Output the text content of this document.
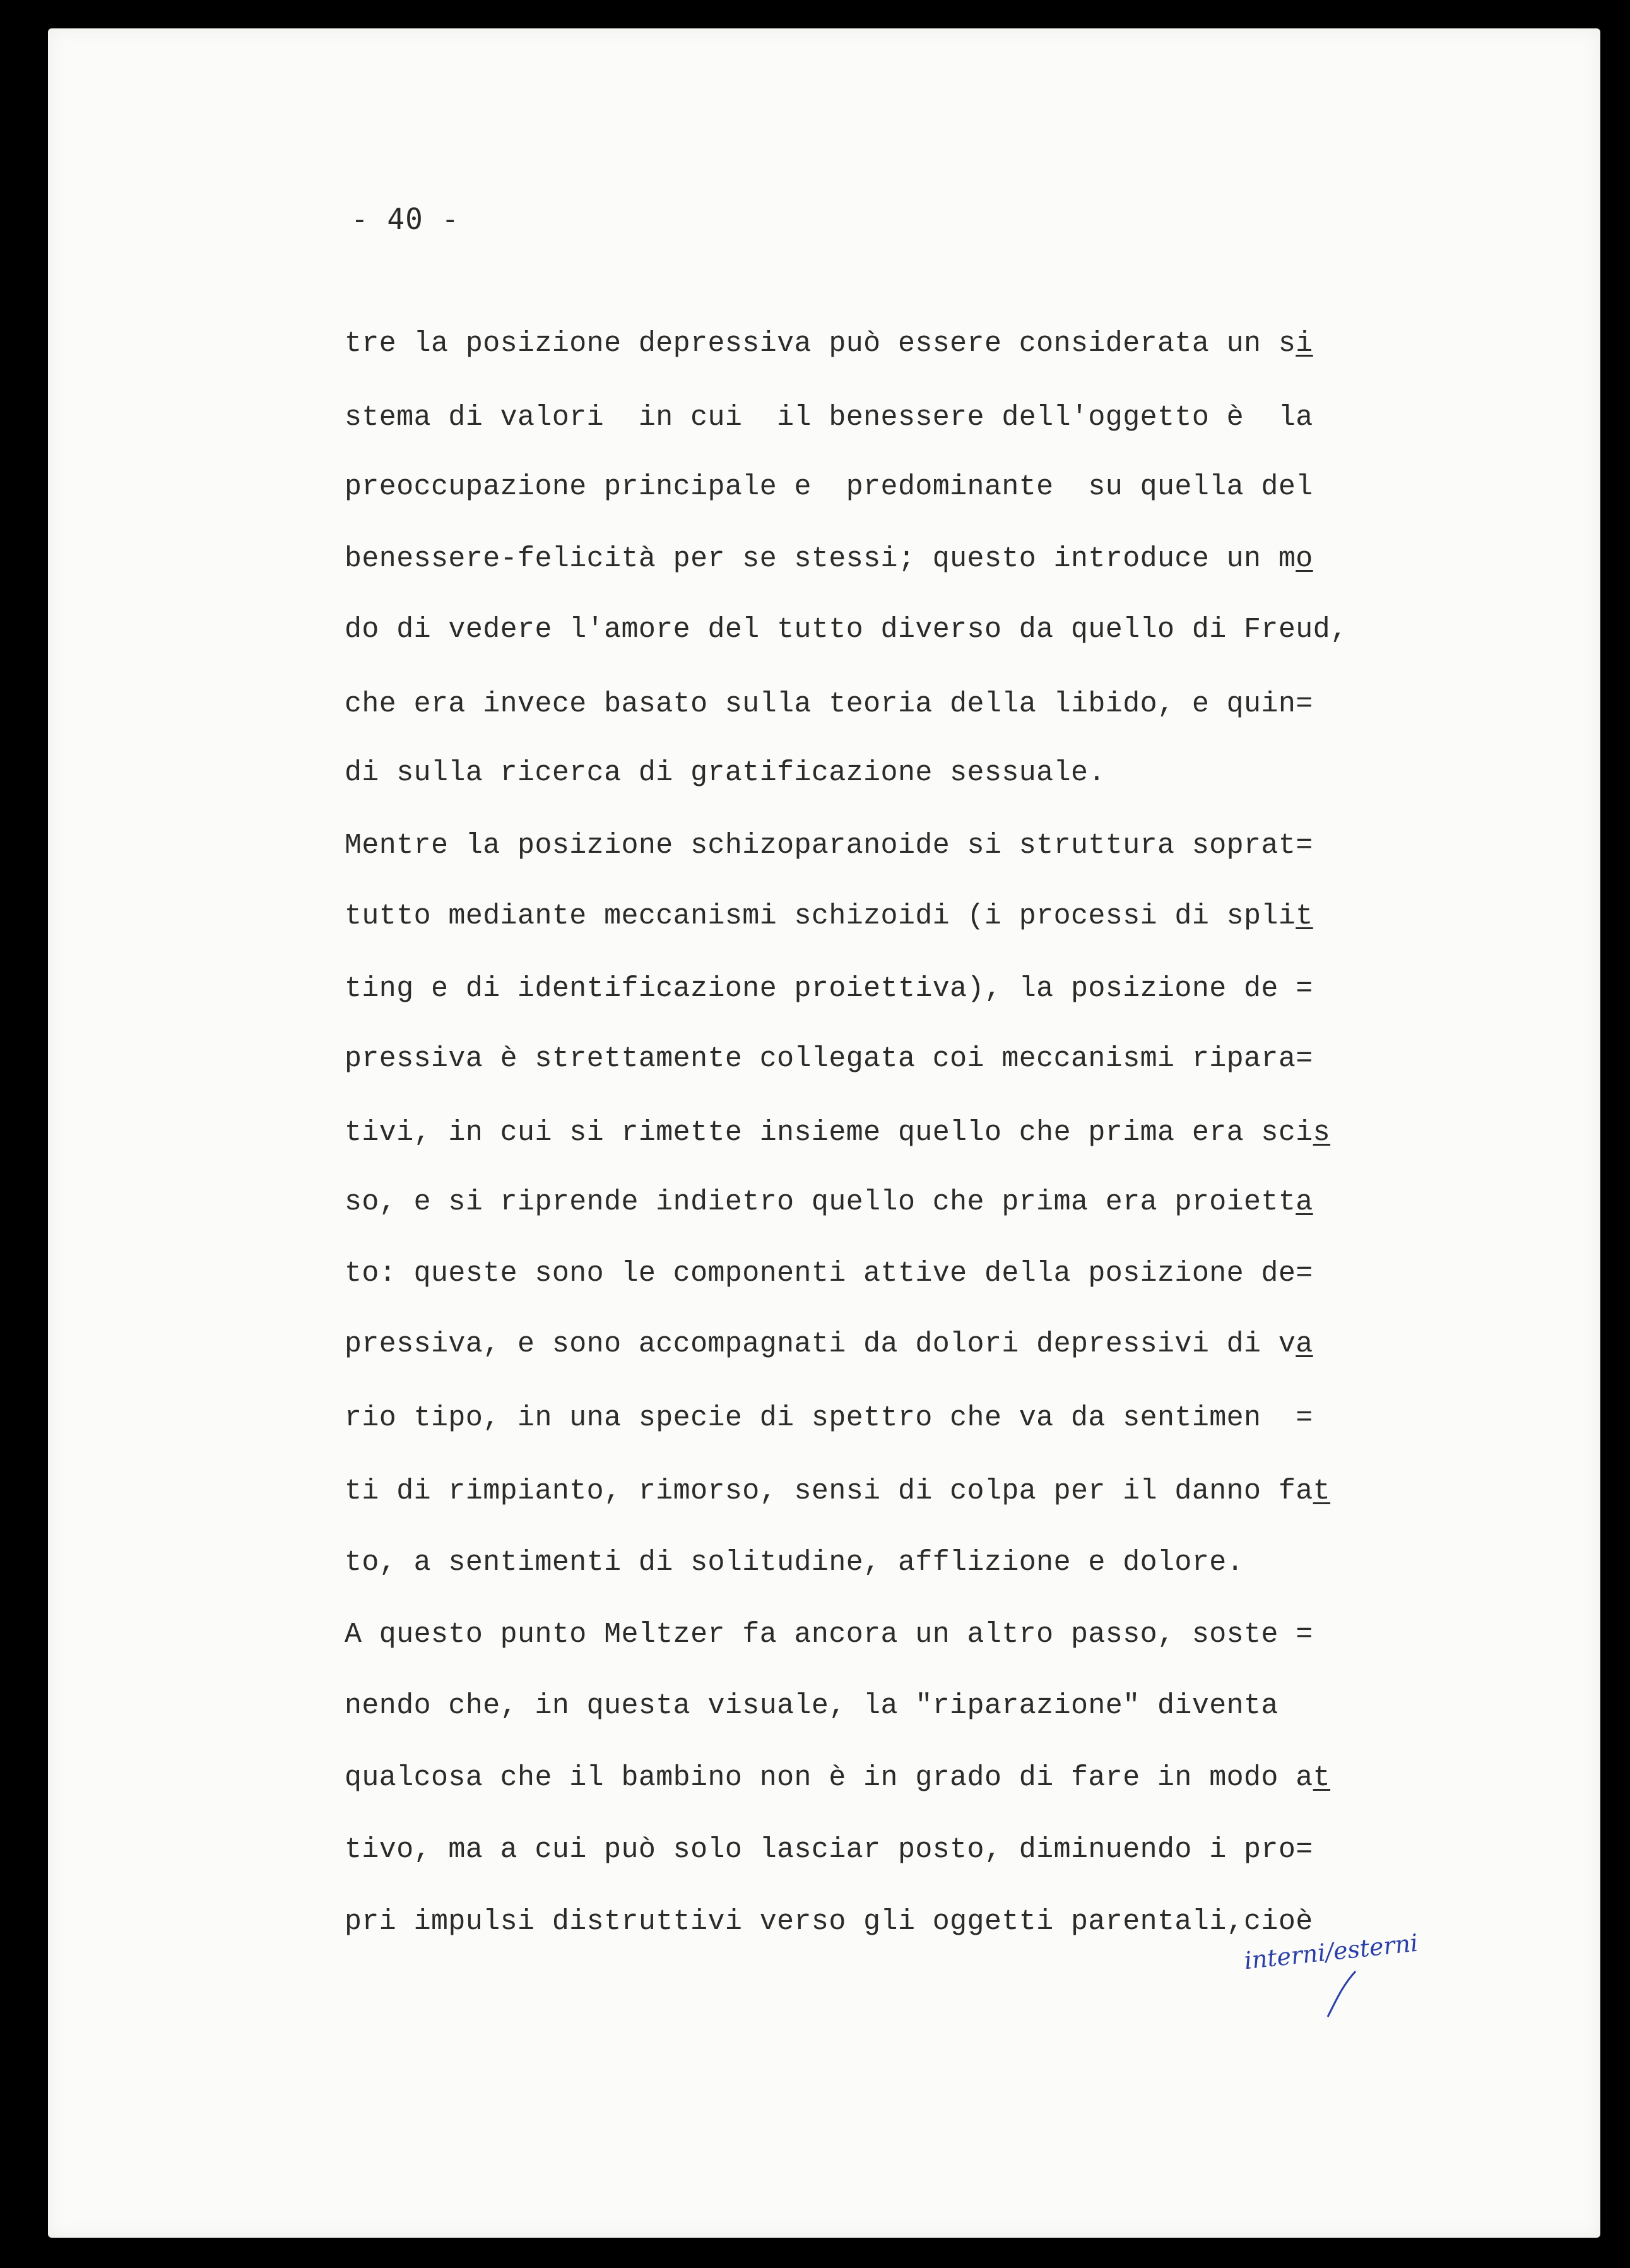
- 40 -
tre la posizione depressiva può essere considerata un si
stema di valori  in cui  il benessere dell'oggetto è  la
preoccupazione principale e  predominante  su quella del
benessere-felicità per se stessi; questo introduce un mo
do di vedere l'amore del tutto diverso da quello di Freud,
che era invece basato sulla teoria della libido, e quin=
di sulla ricerca di gratificazione sessuale.
Mentre la posizione schizoparanoide si struttura soprat=
tutto mediante meccanismi schizoidi (i processi di split
ting e di identificazione proiettiva), la posizione de =
pressiva è strettamente collegata coi meccanismi ripara=
tivi, in cui si rimette insieme quello che prima era scis
so, e si riprende indietro quello che prima era proietta
to: queste sono le componenti attive della posizione de=
pressiva, e sono accompagnati da dolori depressivi di va
rio tipo, in una specie di spettro che va da sentimen  =
ti di rimpianto, rimorso, sensi di colpa per il danno fat
to, a sentimenti di solitudine, afflizione e dolore.
A questo punto Meltzer fa ancora un altro passo, soste =
nendo che, in questa visuale, la "riparazione" diventa
qualcosa che il bambino non è in grado di fare in modo at
tivo, ma a cui può solo lasciar posto, diminuendo i pro=
pri impulsi distruttivi verso gli oggetti parentali,cioè
interni/esterni
